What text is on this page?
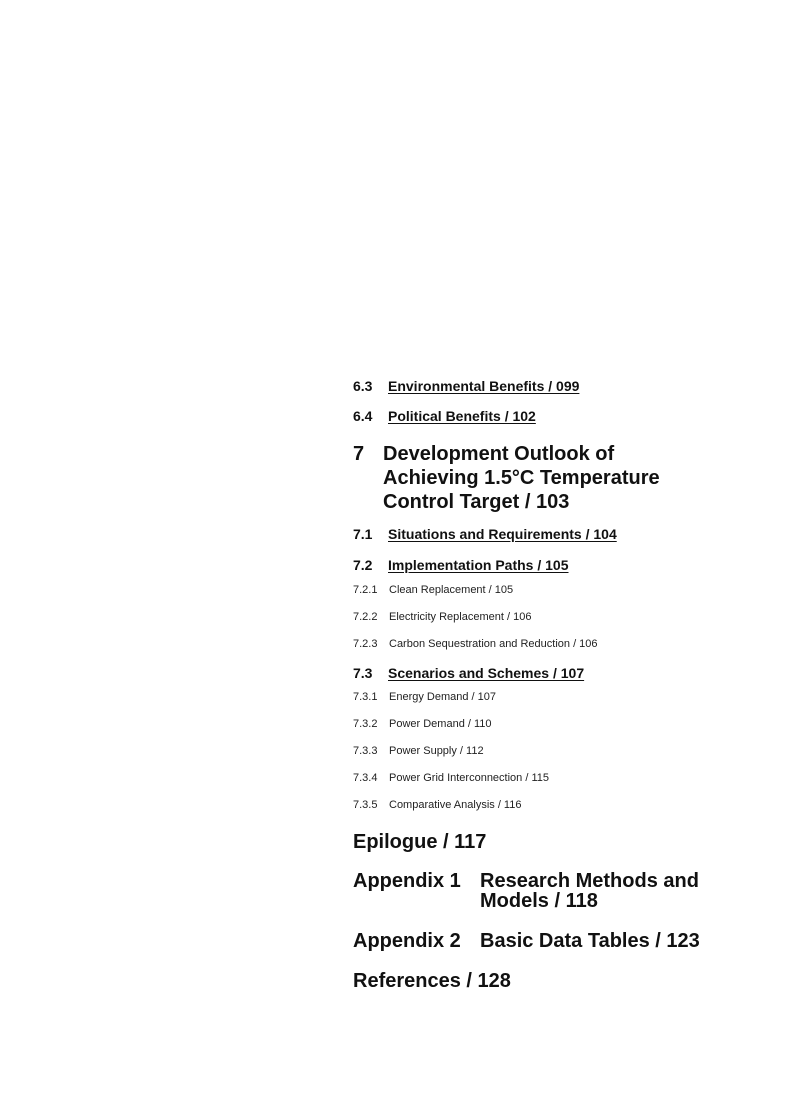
6.3 Environmental Benefits / 099
6.4 Political Benefits / 102
7 Development Outlook of Achieving 1.5°C Temperature Control Target / 103
7.1 Situations and Requirements / 104
7.2 Implementation Paths / 105
7.2.1 Clean Replacement / 105
7.2.2 Electricity Replacement / 106
7.2.3 Carbon Sequestration and Reduction / 106
7.3 Scenarios and Schemes / 107
7.3.1 Energy Demand / 107
7.3.2 Power Demand / 110
7.3.3 Power Supply / 112
7.3.4 Power Grid Interconnection / 115
7.3.5 Comparative Analysis / 116
Epilogue / 117
Appendix 1 Research Methods and Models / 118
Appendix 2 Basic Data Tables / 123
References / 128
